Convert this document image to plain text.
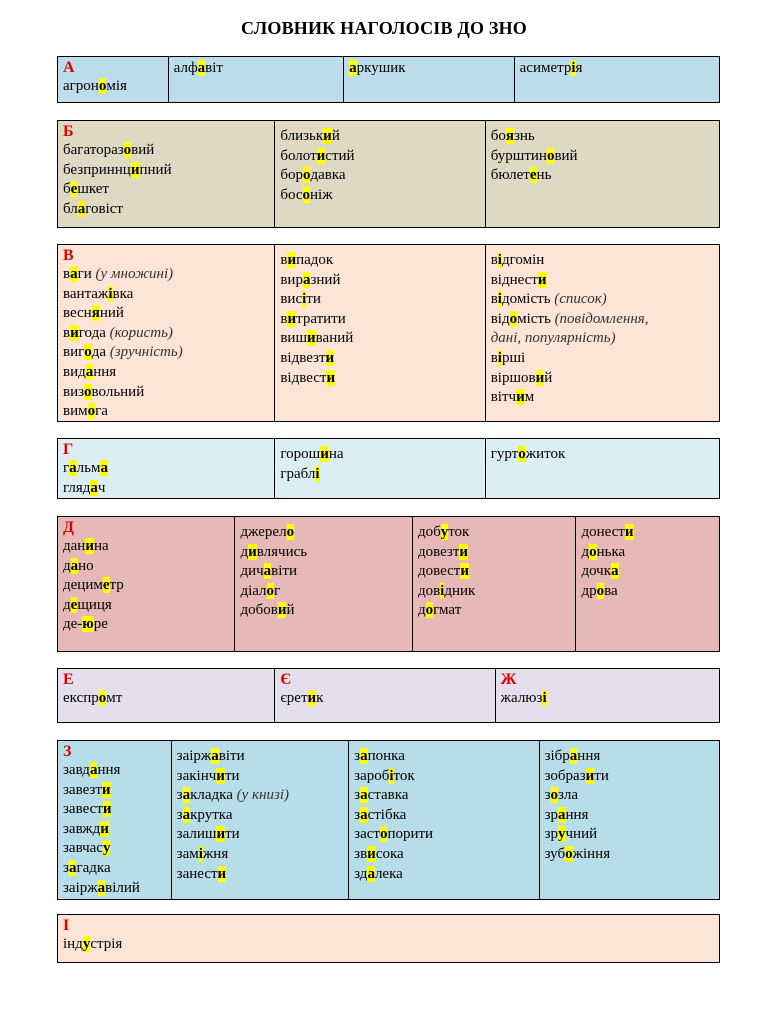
СЛОВНИК НАГОЛОСІВ ДО ЗНО
А
агрономія
алфавіт	аркушик	асиметрія
Б
багаторазовий
безприннципний
бешкет
благовіст
близький
болотистий
бородавка
босоніж
боязнь
бурштиновий
бюлетень
В
ваги (у множині)
вантажівка
весняний
вигода (користь)
вигода (зручність)
видання
визовольний
вимога
випадок
виразний
висіти
витратити
вишиваний
відвезти
відвести
відгомін
віднести
відомість (список)
відомість (повідомлення,
дані, популярність)
вірші
віршовий
вітчим
Г
гальма
глядач
горошина
граблі
гуртожиток
Д
данина
дано
дециметр
дещиця
де-юре
джерело
дивлячись
дичавіти
діалог
добовий
добуток
довезти
довести
довідник
догмат
донести
донька
дочка
дрова
Е
експромт
Є
єретик
Ж
жалюзі
З
завдання
завезти
завести
завжди
завчасу
загадка
заіржавілий
заіржавіти
закінчити
закладка (у книзі)
закрутка
залишити
заміжня
занести
запонка
заробіток
заставка
застібка
застопорити
звисока
здалека
зібрання
зобразити
зозла
зрання
зручний
зубожіння
І
індустрія
